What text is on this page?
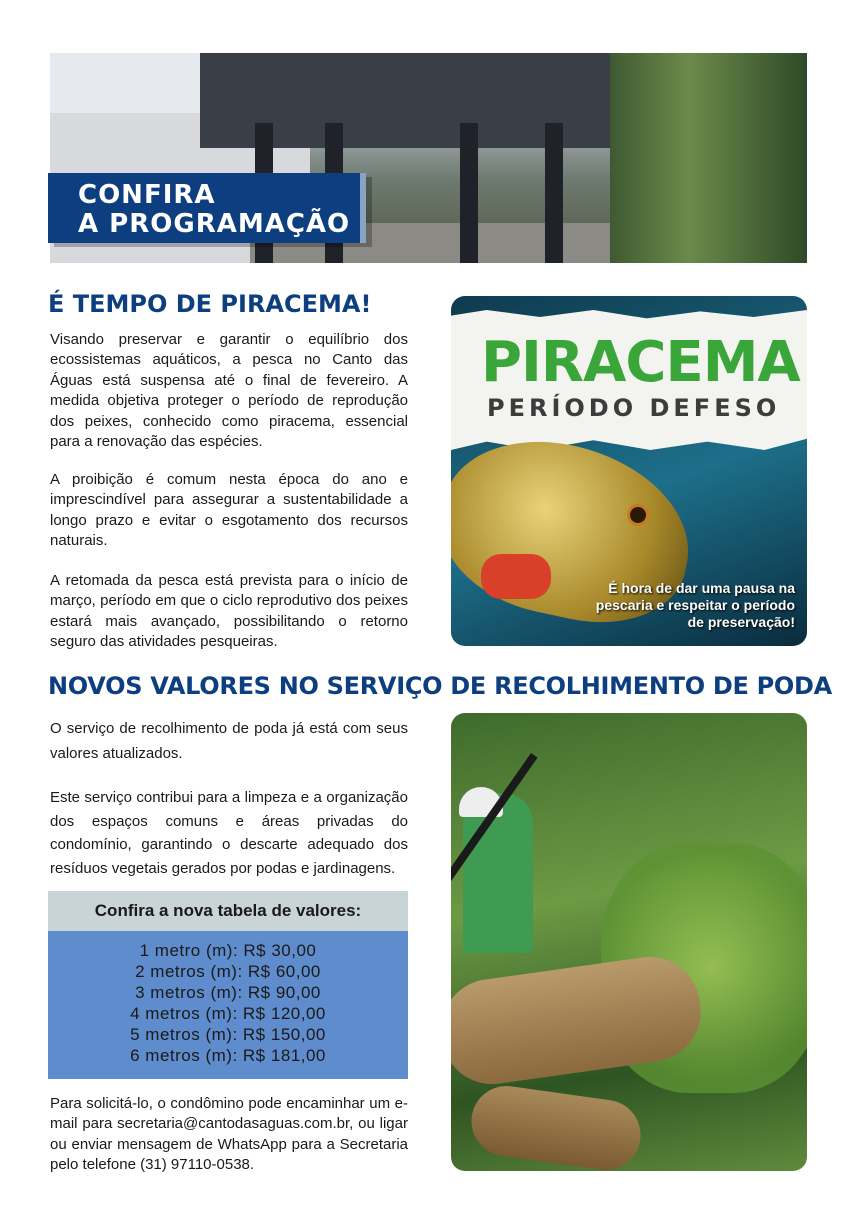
CONFIRA
A PROGRAMAÇÃO
É TEMPO DE PIRACEMA!
Visando preservar e garantir o equilíbrio dos ecossistemas aquáticos, a pesca no Canto das Águas está suspensa até o final de fevereiro. A medida objetiva proteger o período de reprodução dos peixes, conhecido como piracema, essencial para a renovação das espécies.
A proibição é comum nesta época do ano e imprescindível para assegurar a sustentabilidade a longo prazo e evitar o esgotamento dos recursos naturais.
A retomada da pesca está prevista para o início de março, período em que o ciclo reprodutivo dos peixes estará mais avançado, possibilitando o retorno seguro das atividades pesqueiras.
PIRACEMA
PERÍODO DEFESO
É hora de dar uma pausa na pescaria e respeitar o período de preservação!
NOVOS VALORES NO SERVIÇO DE RECOLHIMENTO DE PODA
O serviço de recolhimento de poda já está com seus valores atualizados.
Este serviço contribui para a limpeza e a organização dos espaços comuns e áreas privadas do condomínio, garantindo o descarte adequado dos resíduos vegetais gerados por podas e jardinagens.
Confira a nova tabela de valores:
1 metro (m): R$ 30,00
2 metros (m): R$ 60,00
3 metros (m): R$ 90,00
4 metros (m): R$ 120,00
5 metros (m): R$ 150,00
6 metros (m): R$ 181,00
Para solicitá-lo, o condômino pode encaminhar um e-mail para secretaria@cantodasaguas.com.br, ou ligar ou enviar mensagem de WhatsApp para a Secretaria pelo telefone (31) 97110-0538.
